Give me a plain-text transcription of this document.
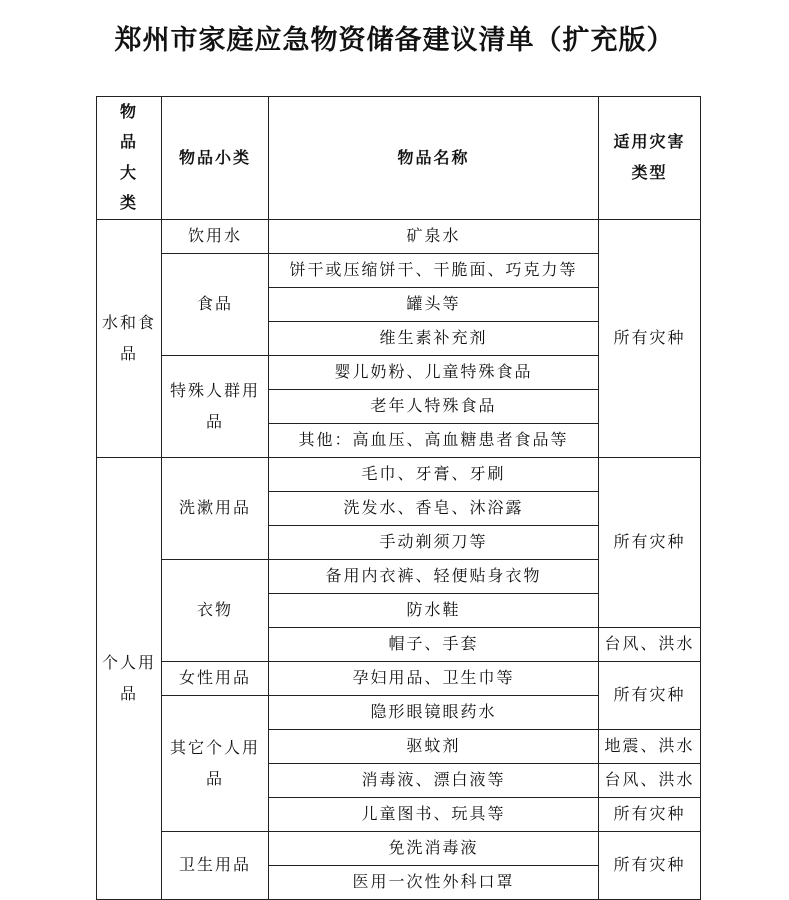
郑州市家庭应急物资储备建议清单（扩充版）
物品大类	物品小类	物品名称	适用灾害类型
水和食品	饮用水	矿泉水	所有灾种
	食品	饼干或压缩饼干、干脆面、巧克力等	
		罐头等	
		维生素补充剂	
	特殊人群用品	婴儿奶粉、儿童特殊食品	
		老年人特殊食品	
		其他：高血压、高血糖患者食品等	
个人用品	洗漱用品	毛巾、牙膏、牙刷	所有灾种
		洗发水、香皂、沐浴露	
		手动剃须刀等	
	衣物	备用内衣裤、轻便贴身衣物	
		防水鞋	
		帽子、手套	台风、洪水
	女性用品	孕妇用品、卫生巾等	所有灾种
	其它个人用品	隐形眼镜眼药水	
		驱蚊剂	地震、洪水
		消毒液、漂白液等	台风、洪水
		儿童图书、玩具等	所有灾种
	卫生用品	免洗消毒液	所有灾种
		医用一次性外科口罩	
